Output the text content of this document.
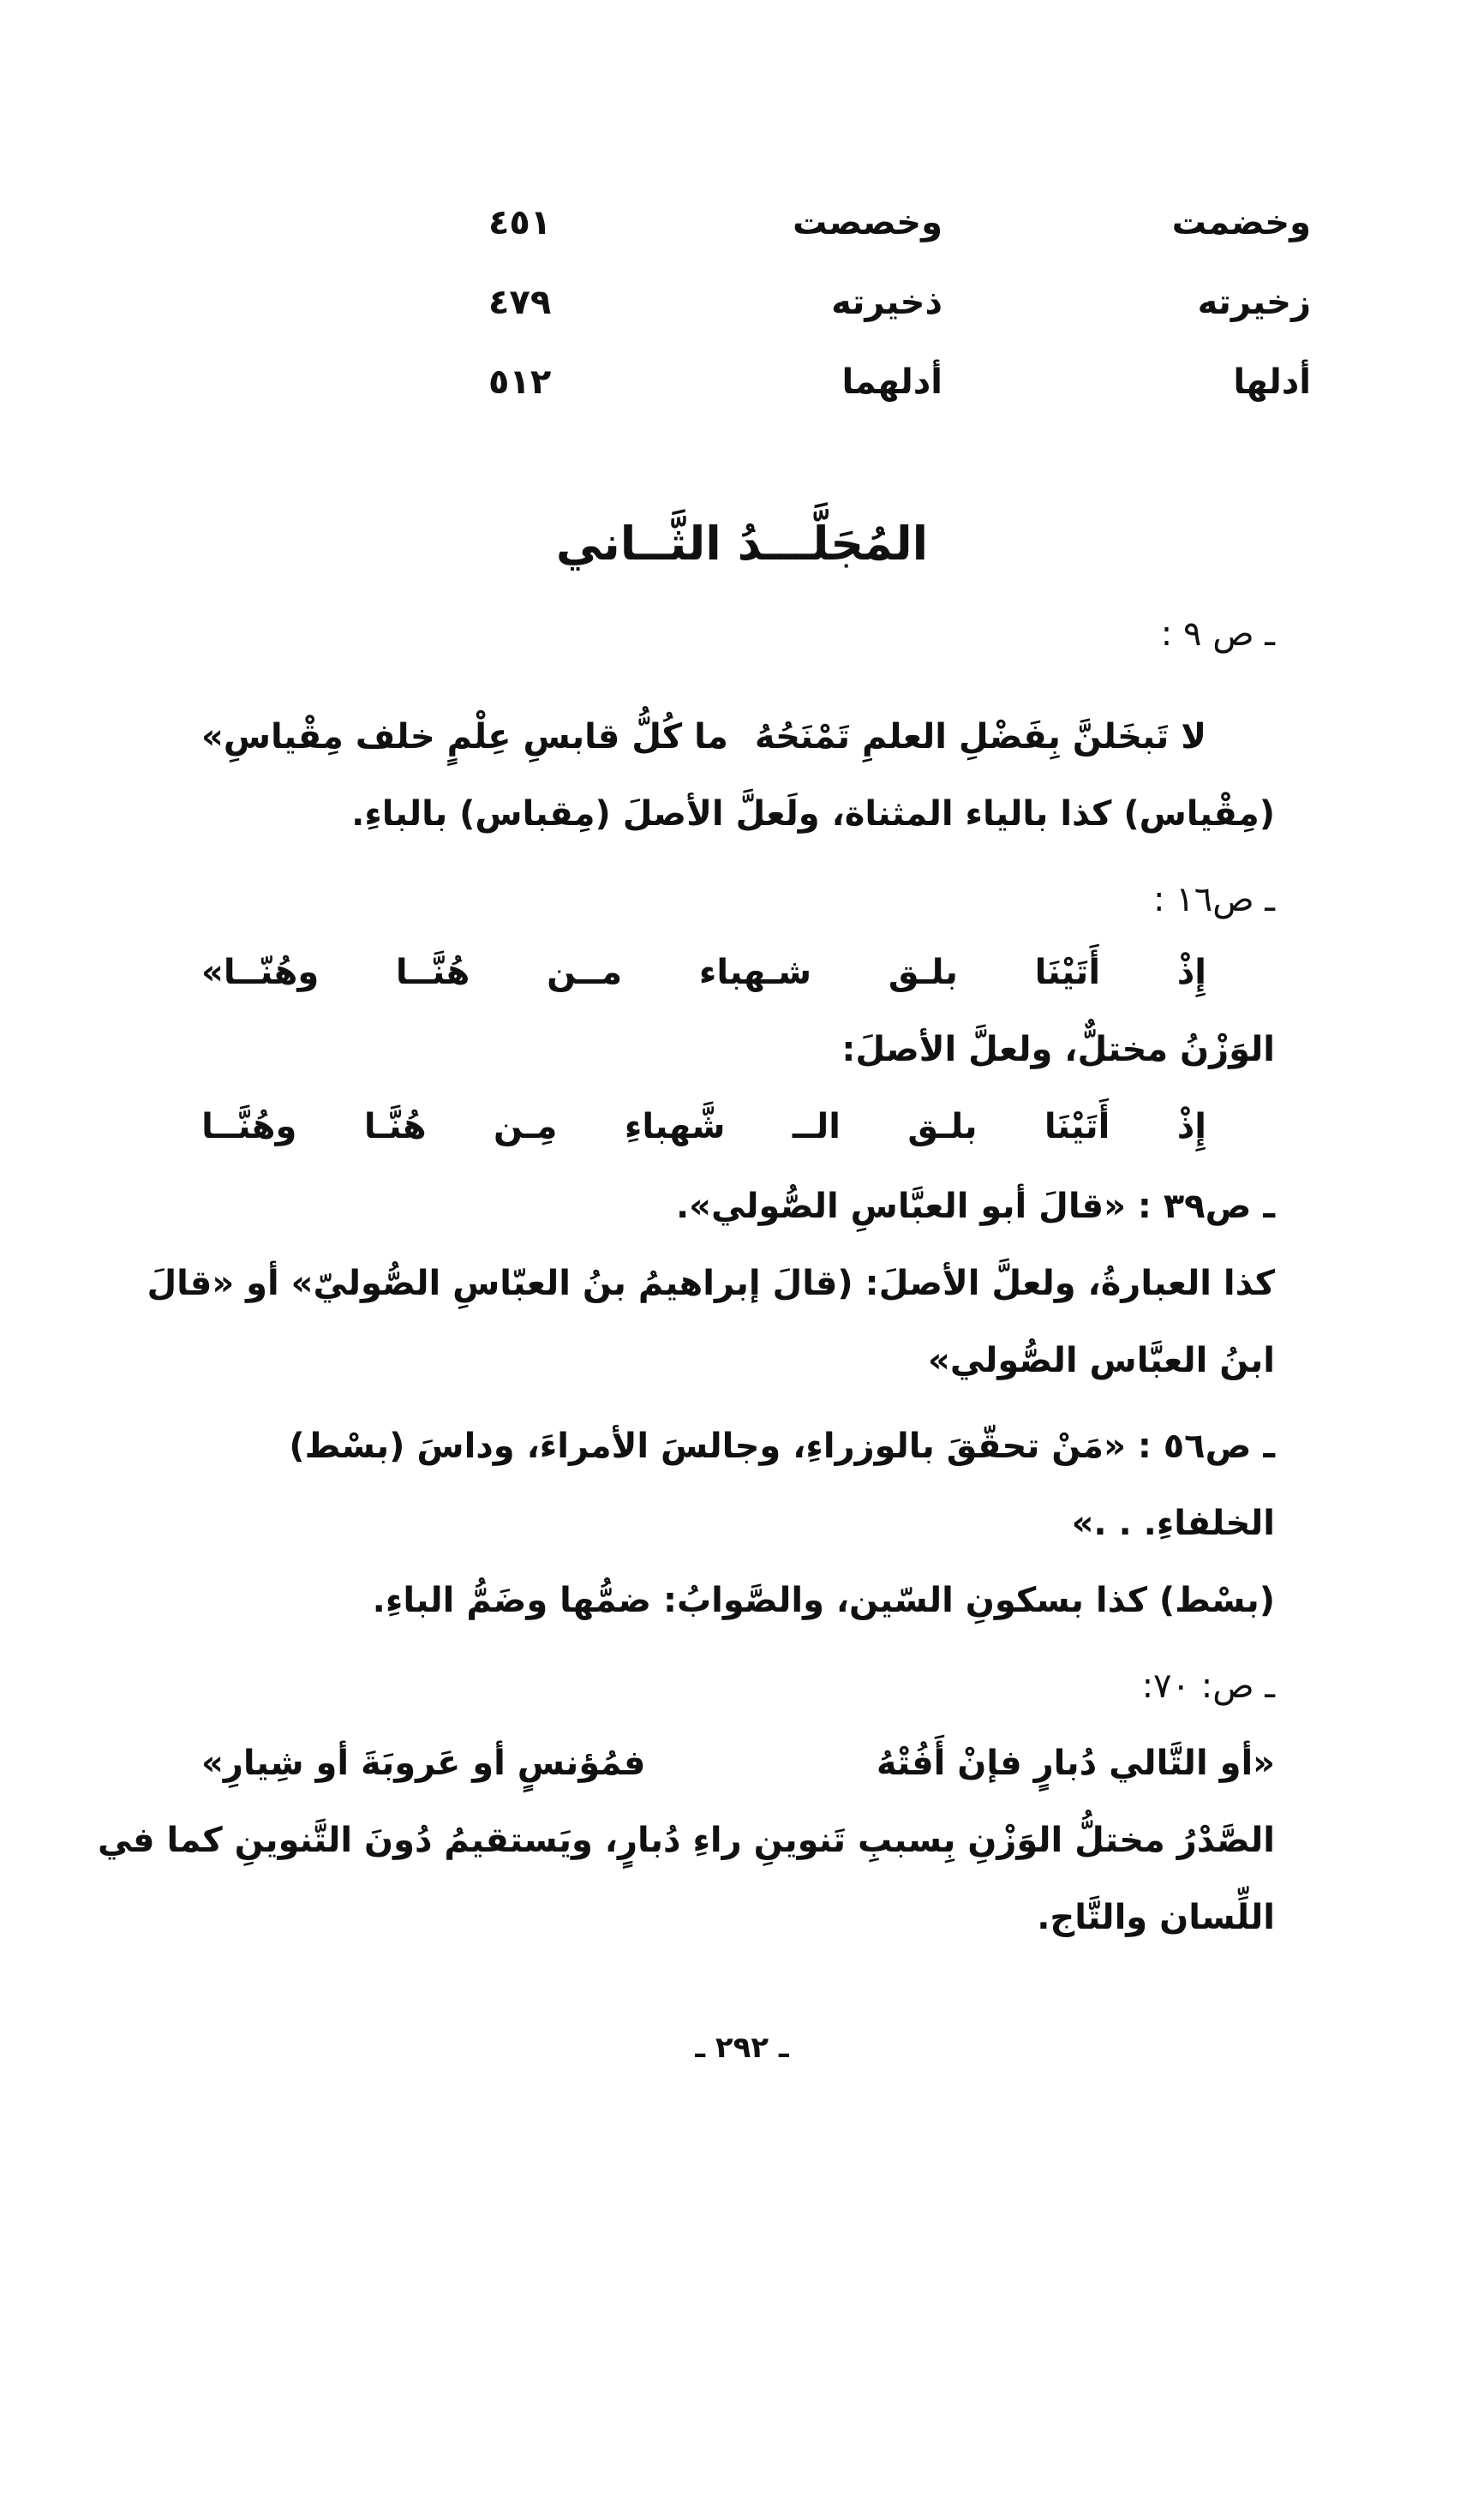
وخضمت
وخصصت
٤٥١
زخيرته
ذخيرته
٤٧٩
أدلها
أدلهما
٥١٢
المُجَلَّـــدُ الثَّــاني
ـ ص ٩ :
لا تَبخَلنَّ بِفَضْلِ العلمِ تَمْنَحُهُ
ما كُلُّ قابسِ عِلْمٍ خلف مِقْياسِ»
(مِقْياس) كذا بالياء المثناة، ولَعلَّ الأصلَ (مِقباس) بالباءِ.
ـ ص١٦ :
إِذْ
أَتَيْنَا
بلـق
شـهباء
مــن
هُنَّــا
وهُنّــا»
الوَزْنُ مختلٌّ، ولعلَّ الأصلَ:
إِذْ
أَتَيْنَا
بلـق
الــ
شَّهباءِ
مِـن
هُنَّـا
وهُنَّــا
ـ ص٣٩ : «قالَ أبو العبَّاسِ الصُّولي».
كذا العبارةُ، ولعلَّ الأصلَ: (قالَ إبراهيمُ بنُ العبّاسِ الصُّوليّ» أو «قالَ
ابنُ العبَّاس الصُّولي»
ـ ص٥٦ : «مَنْ تحقّقَ بالوزراءِ، وجالسَ الأمراءَ، وداسَ (بسْط)
الخلفاءِ. . .»
(بسْط) كذا بسكونِ السّين، والصَّوابُ: ضمُّها وضَمُّ الباءِ.
ـ ص: ٧٠:
«أو التَّالي دُبارٍ فإنْ أَفُتْهُ
فمُؤنسٍ أو عَروبَةَ أو شِيارِ»
الصَّدْرُ مختلُّ الوَزْنِ بِسببِ تَنوينِ راءِ دُبارٍ، ويَستقيمُ دُونَ التَّنوينِ كما في
اللِّسان والتَّاج.
ـ ٢٩٢ ـ
